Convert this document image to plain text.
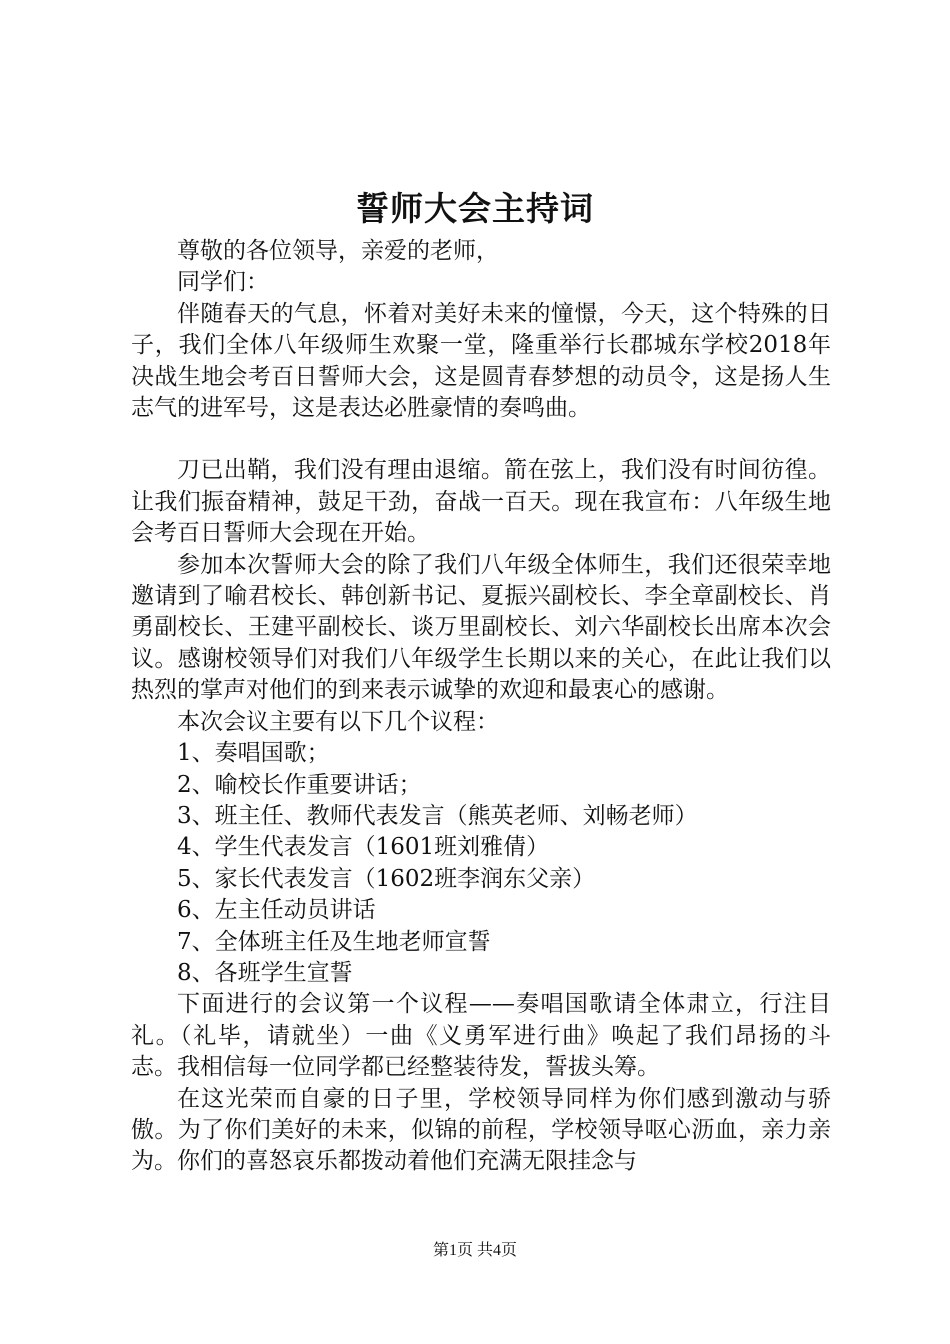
誓师大会主持词

尊敬的各位领导，亲爱的老师，

同学们：

伴随春天的气息，怀着对美好未来的憧憬，今天，这个特殊的日子，我们全体八年级师生欢聚一堂，隆重举行长郡城东学校2018年决战生地会考百日誓师大会，这是圆青春梦想的动员令，这是扬人生志气的进军号，这是表达必胜豪情的奏鸣曲。

刀已出鞘，我们没有理由退缩。箭在弦上，我们没有时间彷徨。让我们振奋精神，鼓足干劲，奋战一百天。现在我宣布：八年级生地会考百日誓师大会现在开始。

参加本次誓师大会的除了我们八年级全体师生，我们还很荣幸地邀请到了喻君校长、韩创新书记、夏振兴副校长、李全章副校长、肖勇副校长、王建平副校长、谈万里副校长、刘六华副校长出席本次会议。感谢校领导们对我们八年级学生长期以来的关心，在此让我们以热烈的掌声对他们的到来表示诚挚的欢迎和最衷心的感谢。

本次会议主要有以下几个议程：

1、奏唱国歌；

2、喻校长作重要讲话；

3、班主任、教师代表发言（熊英老师、刘畅老师）

4、学生代表发言（1601班刘雅倩）

5、家长代表发言（1602班李润东父亲）

6、左主任动员讲话

7、全体班主任及生地老师宣誓

8、各班学生宣誓

下面进行的会议第一个议程——奏唱国歌请全体肃立，行注目礼。（礼毕，请就坐）一曲《义勇军进行曲》唤起了我们昂扬的斗志。我相信每一位同学都已经整装待发，誓拔头筹。

在这光荣而自豪的日子里，学校领导同样为你们感到激动与骄傲。为了你们美好的未来，似锦的前程，学校领导呕心沥血，亲力亲为。你们的喜怒哀乐都拨动着他们充满无限挂念与

第1页 共4页
